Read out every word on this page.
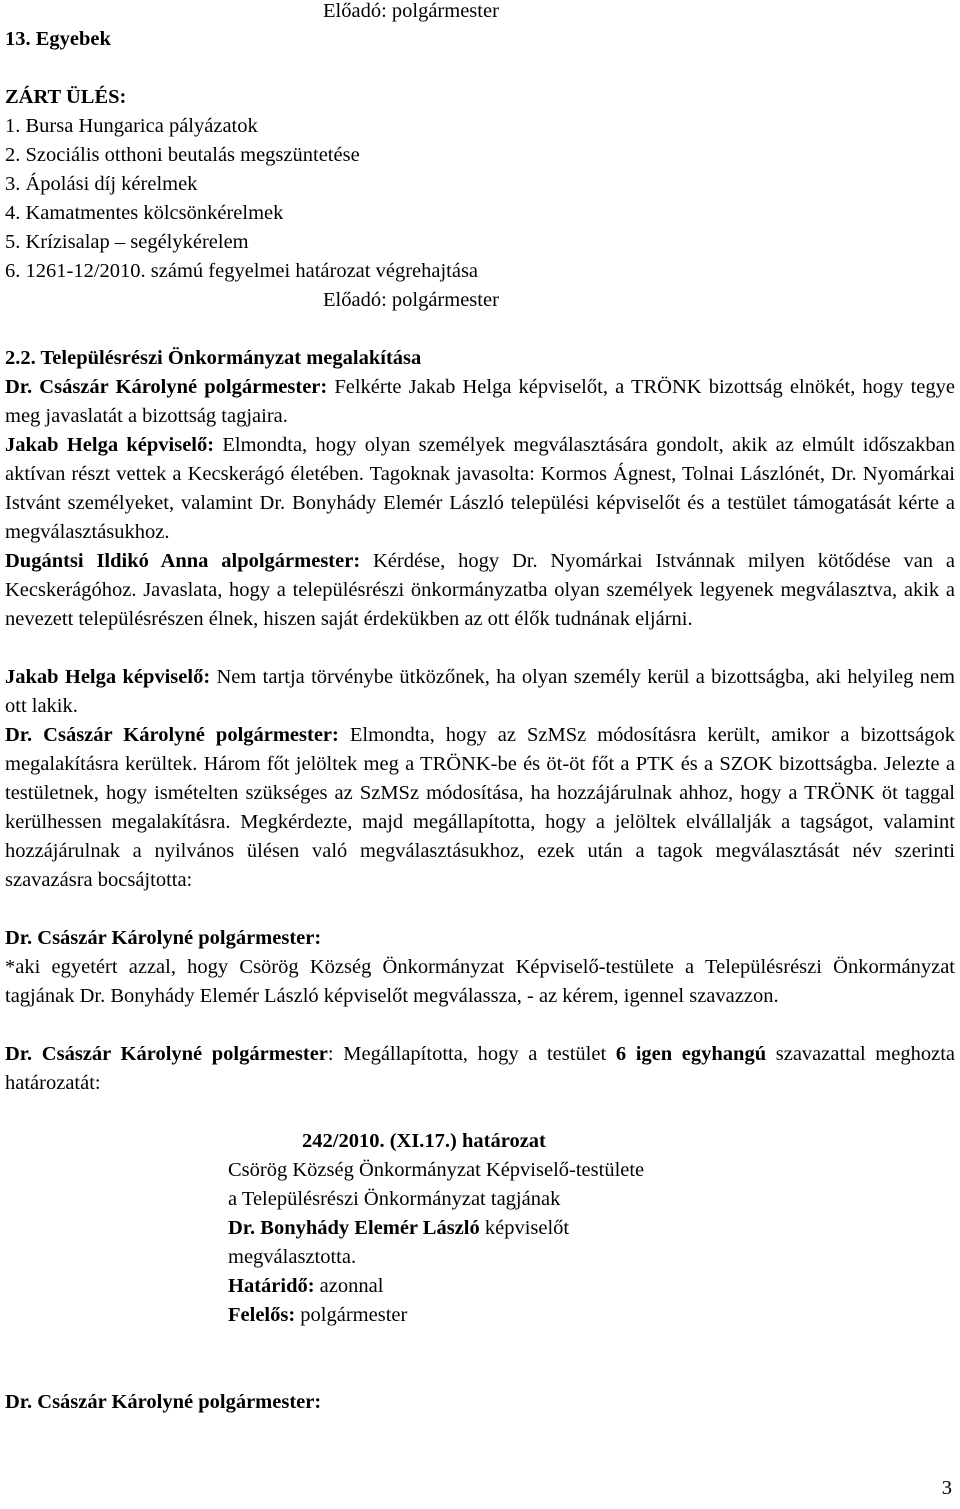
Előadó: polgármester
13. Egyebek
ZÁRT ÜLÉS:
1. Bursa Hungarica pályázatok
2. Szociális otthoni beutalás megszüntetése
3. Ápolási díj kérelmek
4. Kamatmentes kölcsönkérelmek
5. Krízisalap – segélykérelem
6. 1261-12/2010. számú fegyelmei határozat végrehajtása
Előadó: polgármester
2.2. Településrészi Önkormányzat megalakítása
Dr. Császár Károlyné polgármester: Felkérte Jakab Helga képviselőt, a TRÖNK bizottság elnökét, hogy tegye meg javaslatát a bizottság tagjaira.
Jakab Helga képviselő: Elmondta, hogy olyan személyek megválasztására gondolt, akik az elmúlt időszakban aktívan részt vettek a Kecskerágó életében. Tagoknak javasolta: Kormos Ágnest, Tolnai Lászlónét, Dr. Nyomárkai Istvánt személyeket, valamint Dr. Bonyhády Elemér László települési képviselőt és a testület támogatását kérte a megválasztásukhoz.
Dugántsi Ildikó Anna alpolgármester: Kérdése, hogy Dr. Nyomárkai Istvánnak milyen kötődése van a Kecskerágóhoz. Javaslata, hogy a településrészi önkormányzatba olyan személyek legyenek megválasztva, akik a nevezett településrészen élnek, hiszen saját érdekükben az ott élők tudnának eljárni.
Jakab Helga képviselő: Nem tartja törvénybe ütközőnek, ha olyan személy kerül a bizottságba, aki helyileg nem ott lakik.
Dr. Császár Károlyné polgármester: Elmondta, hogy az SzMSz módosításra került, amikor a bizottságok megalakításra kerültek. Három főt jelöltek meg a TRÖNK-be és öt-öt főt a PTK és a SZOK bizottságba. Jelezte a testületnek, hogy ismételten szükséges az SzMSz módosítása, ha hozzájárulnak ahhoz, hogy a TRÖNK öt taggal kerülhessen megalakításra. Megkérdezte, majd megállapította, hogy a jelöltek elvállalják a tagságot, valamint hozzájárulnak a nyilvános ülésen való megválasztásukhoz, ezek után a tagok megválasztását név szerinti szavazásra bocsájtotta:
Dr. Császár Károlyné polgármester:
*aki egyetért azzal, hogy Csörög Község Önkormányzat Képviselő-testülete a Településrészi Önkormányzat tagjának Dr. Bonyhády Elemér László képviselőt megválassza, - az kérem, igennel szavazzon.
Dr. Császár Károlyné polgármester: Megállapította, hogy a testület 6 igen egyhangú szavazattal meghozta határozatát:
242/2010. (XI.17.) határozat
Csörög Község Önkormányzat Képviselő-testülete
a Településrészi Önkormányzat tagjának
Dr. Bonyhády Elemér László képviselőt
megválasztotta.
Határidő: azonnal
Felelős: polgármester
Dr. Császár Károlyné polgármester:
3
